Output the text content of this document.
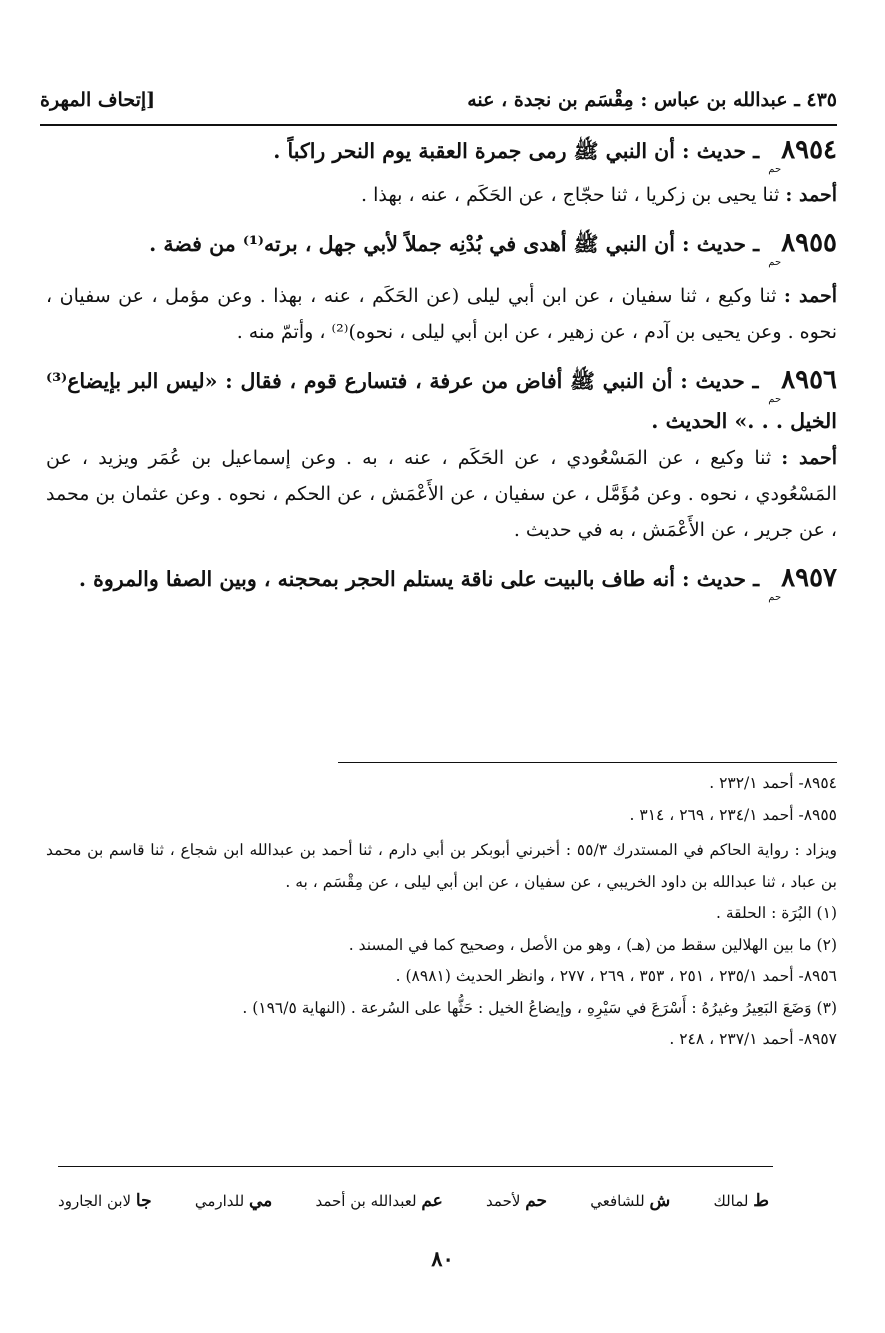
٤٣٥ ـ عبدالله بن عباس : مِقْسَم بن نجدة ، عنه
[إتحاف المهرة

٨٩٥٤حم ـ حديث : أن النبي ﷺ رمى جمرة العقبة يوم النحر راكباً .

أحمد : ثنا يحيى بن زكريا ، ثنا حجّاج ، عن الحَكَم ، عنه ، بهذا .

٨٩٥٥حم ـ حديث : أن النبي ﷺ أهدى في بُدْنِه جملاً لأبي جهل ، برته⁽¹⁾ من فضة .

أحمد : ثنا وكيع ، ثنا سفيان ، عن ابن أبي ليلى (عن الحَكَم ، عنه ، بهذا . وعن مؤمل ، عن سفيان ، نحوه . وعن يحيى بن آدم ، عن زهير ، عن ابن أبي ليلى ، نحوه)⁽²⁾ ، وأتمّ منه .

٨٩٥٦حم ـ حديث : أن النبي ﷺ أفاض من عرفة ، فتسارع قوم ، فقال : «ليس البر بإيضاع⁽³⁾ الخيل . . .» الحديث .

أحمد : ثنا وكيع ، عن المَسْعُودي ، عن الحَكَم ، عنه ، به . وعن إسماعيل بن عُمَر ويزيد ، عن المَسْعُودي ، نحوه . وعن مُؤَمَّل ، عن سفيان ، عن الأَعْمَش ، عن الحكم ، نحوه . وعن عثمان بن محمد ، عن جرير ، عن الأَعْمَش ، به في حديث .

٨٩٥٧حم ـ حديث : أنه طاف بالبيت على ناقة يستلم الحجر بمحجنه ، وبين الصفا والمروة .

٨٩٥٤- أحمد ٢٣٢/١ .

٨٩٥٥- أحمد ٢٣٤/١ ، ٢٦٩ ، ٣١٤ .

ويزاد : رواية الحاكم في المستدرك ٥٥/٣ : أخبرني أبوبكر بن أبي دارم ، ثنا أحمد بن عبدالله ابن شجاع ، ثنا قاسم بن محمد بن عباد ، ثنا عبدالله بن داود الخريبي ، عن سفيان ، عن ابن أبي ليلى ، عن مِقْسَم ، به .

(١) البُرَة : الحلقة .

(٢) ما بين الهلالين سقط من (هـ) ، وهو من الأصل ، وصحيح كما في المسند .

٨٩٥٦- أحمد ٢٣٥/١ ، ٢٥١ ، ٣٥٣ ، ٢٦٩ ، ٢٧٧ ، وانظر الحديث (٨٩٨١) .

(٣) وَضَعَ البَعِيرُ وغيرُهُ : أَسْرَعَ في سَيْرِهِ ، وإيضاعُ الخيل : حَثُّها على السُرعة . (النهاية ١٩٦/٥) .

٨٩٥٧- أحمد ٢٣٧/١ ، ٢٤٨ .

ط لمالك
ش للشافعي
حم لأحمد
عم لعبدالله بن أحمد
مي للدارمي
جا لابن الجارود
٨٠
